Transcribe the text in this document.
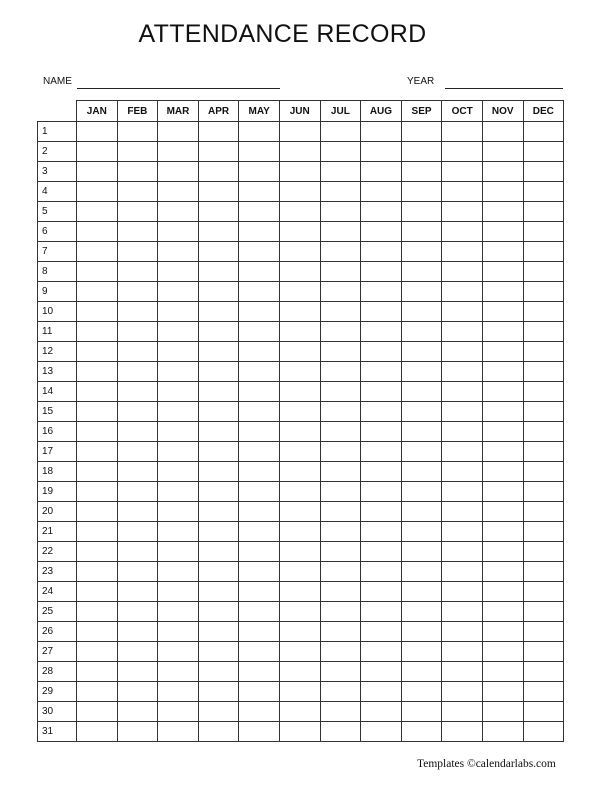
ATTENDANCE RECORD
NAME	YEAR
	JAN	FEB	MAR	APR	MAY	JUN	JUL	AUG	SEP	OCT	NOV	DEC
1												
2												
3												
4												
5												
6												
7												
8												
9												
10												
11												
12												
13												
14												
15												
16												
17												
18												
19												
20												
21												
22												
23												
24												
25												
26												
27												
28												
29												
30												
31												
Templates ©calendarlabs.com
